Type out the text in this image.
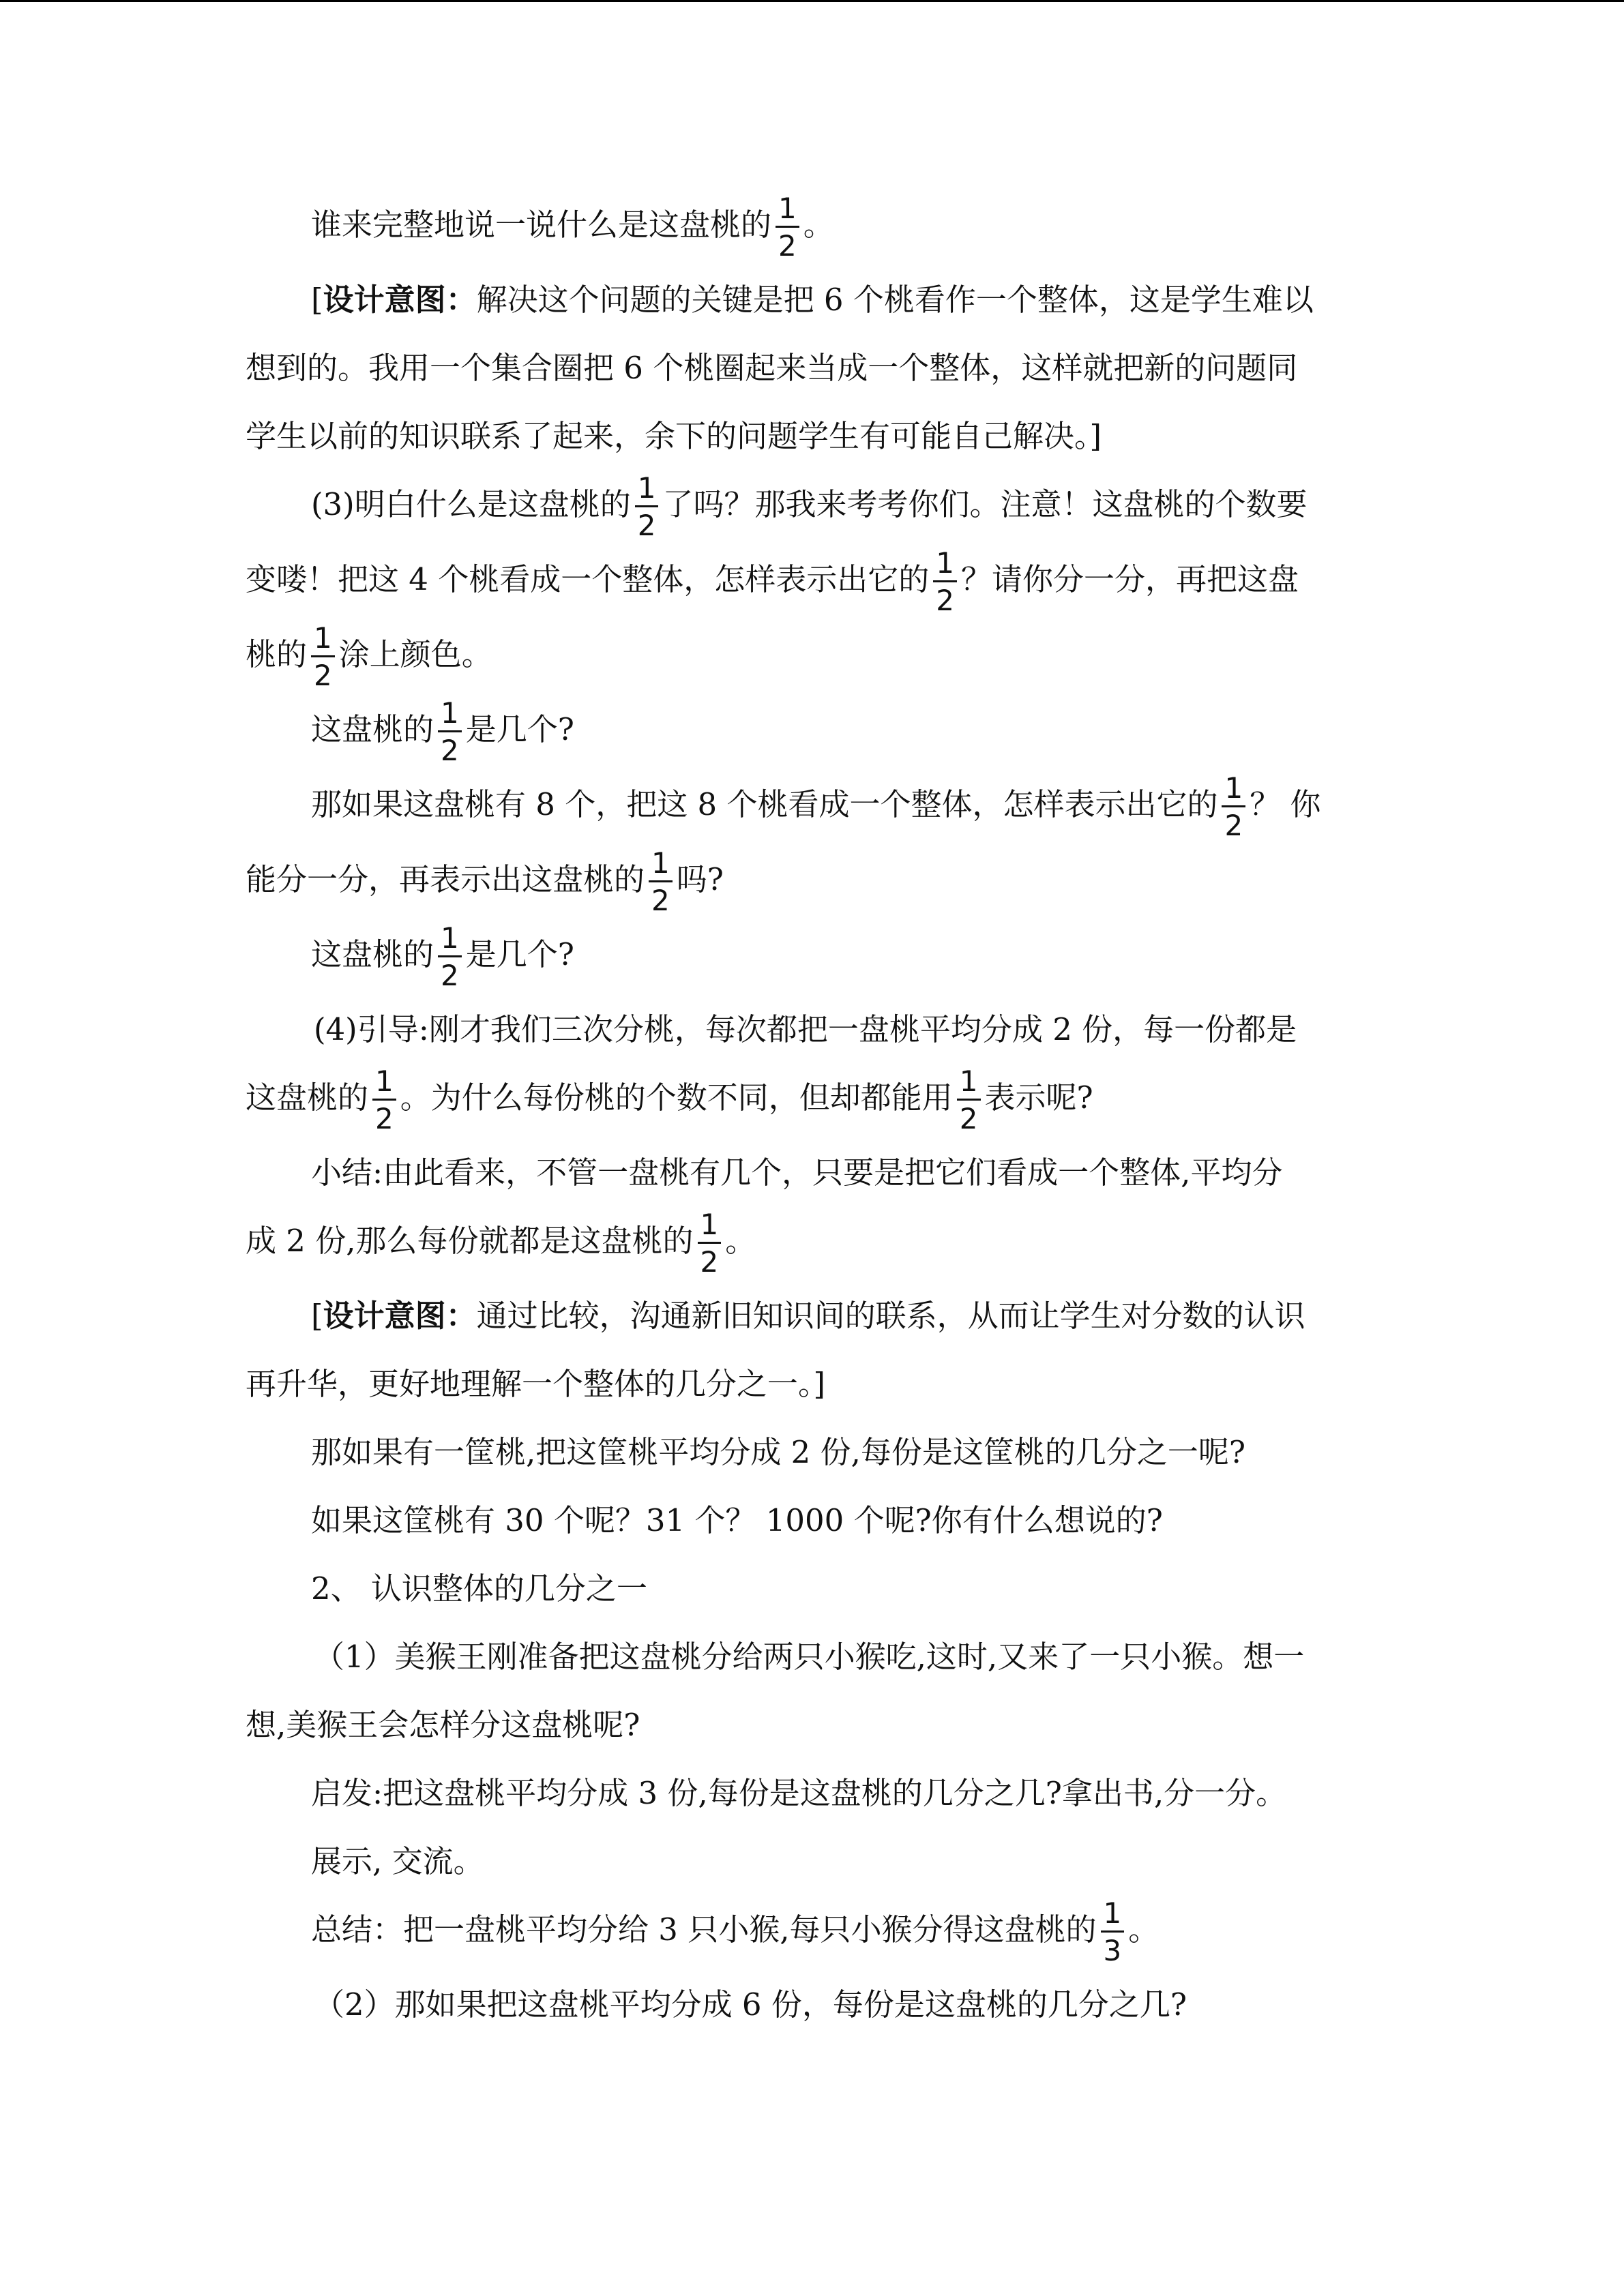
谁来完整地说一说什么是这盘桃的 $\frac{1}{2}$ 。
[设计意图：解决这个问题的关键是把 6 个桃看作一个整体，这是学生难以
想到的。我用一个集合圈把 6 个桃圈起来当成一个整体，这样就把新的问题同
学生以前的知识联系了起来，余下的问题学生有可能自己解决。]
(3)明白什么是这盘桃的 $\frac{1}{2}$ 了吗？那我来考考你们。注意！这盘桃的个数要
变喽！把这 4 个桃看成一个整体，怎样表示出它的 $\frac{1}{2}$ ？请你分一分，再把这盘
桃的 $\frac{1}{2}$ 涂上颜色。
这盘桃的 $\frac{1}{2}$ 是几个?
那如果这盘桃有 8 个，把这 8 个桃看成一个整体，怎样表示出它的 $\frac{1}{2}$ ？ 你
能分一分，再表示出这盘桃的 $\frac{1}{2}$ 吗?
这盘桃的 $\frac{1}{2}$ 是几个?
(4)引导:刚才我们三次分桃，每次都把一盘桃平均分成 2 份，每一份都是
这盘桃的 $\frac{1}{2}$ 。为什么每份桃的个数不同，但却都能用 $\frac{1}{2}$ 表示呢?
小结:由此看来，不管一盘桃有几个，只要是把它们看成一个整体,平均分
成 2 份,那么每份就都是这盘桃的 $\frac{1}{2}$ 。
[设计意图：通过比较，沟通新旧知识间的联系，从而让学生对分数的认识
再升华，更好地理解一个整体的几分之一。]
那如果有一筐桃,把这筐桃平均分成 2 份,每份是这筐桃的几分之一呢?
如果这筐桃有 30 个呢？31 个？ 1000 个呢?你有什么想说的?
2、 认识整体的几分之一
（1）美猴王刚准备把这盘桃分给两只小猴吃,这时,又来了一只小猴。想一
想,美猴王会怎样分这盘桃呢?
启发:把这盘桃平均分成 3 份,每份是这盘桃的几分之几?拿出书,分一分。
展示, 交流。
总结：把一盘桃平均分给 3 只小猴,每只小猴分得这盘桃的 $\frac{1}{3}$ 。
（2）那如果把这盘桃平均分成 6 份，每份是这盘桃的几分之几?
